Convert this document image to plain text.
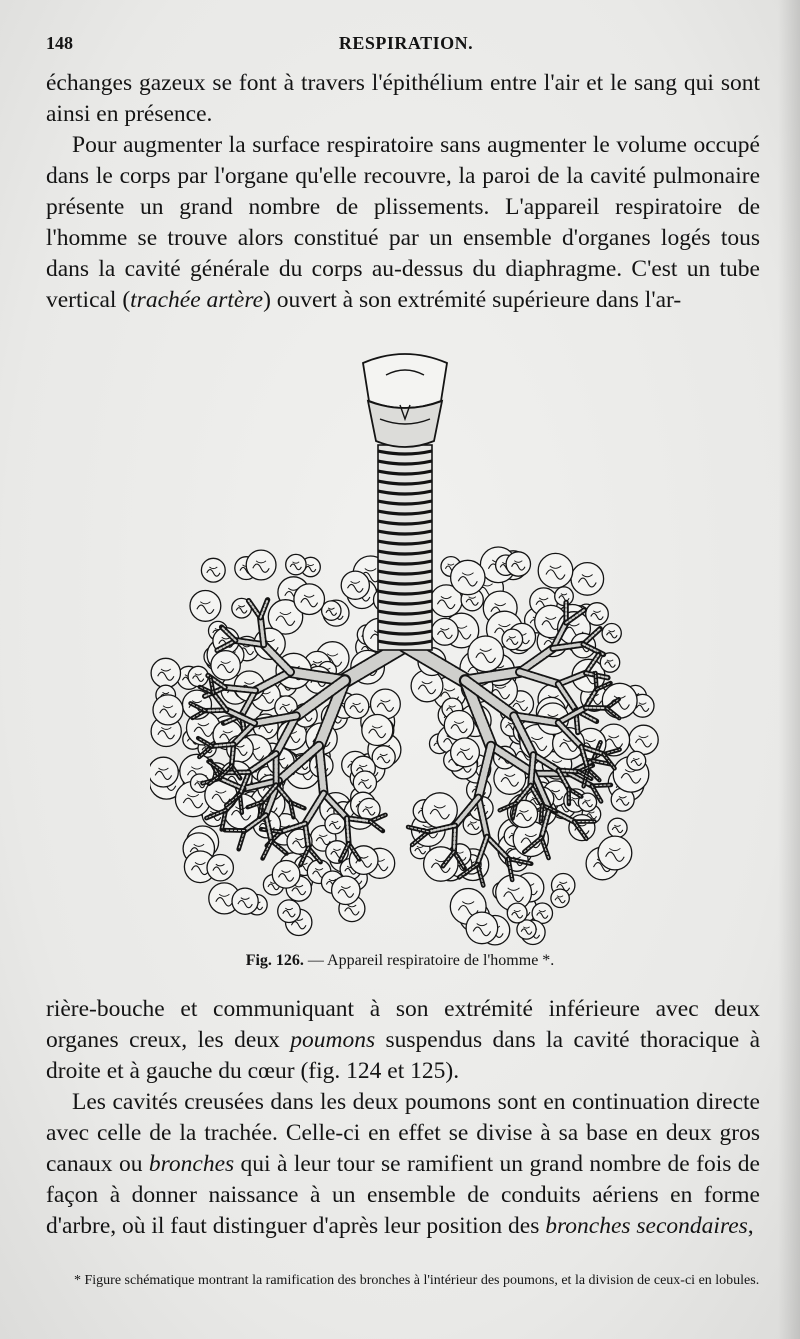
148	RESPIRATION.

échanges gazeux se font à travers l'épithélium entre l'air et le sang qui sont ainsi en présence.

Pour augmenter la surface respiratoire sans augmenter le volume occupé dans le corps par l'organe qu'elle recouvre, la paroi de la cavité pulmonaire présente un grand nombre de plissements. L'appareil respiratoire de l'homme se trouve alors constitué par un ensemble d'organes logés tous dans la cavité générale du corps au-dessus du diaphragme. C'est un tube vertical (trachée artère) ouvert à son extrémité supérieure dans l'ar-

Fig. 126. — Appareil respiratoire de l'homme *.

rière-bouche et communiquant à son extrémité inférieure avec deux organes creux, les deux poumons suspendus dans la cavité thoracique à droite et à gauche du cœur (fig. 124 et 125).

Les cavités creusées dans les deux poumons sont en continuation directe avec celle de la trachée. Celle-ci en effet se divise à sa base en deux gros canaux ou bronches qui à leur tour se ramifient un grand nombre de fois de façon à donner naissance à un ensemble de conduits aériens en forme d'arbre, où il faut distinguer d'après leur position des bronches secondaires,

* Figure schématique montrant la ramification des bronches à l'intérieur des poumons, et la division de ceux-ci en lobules.
